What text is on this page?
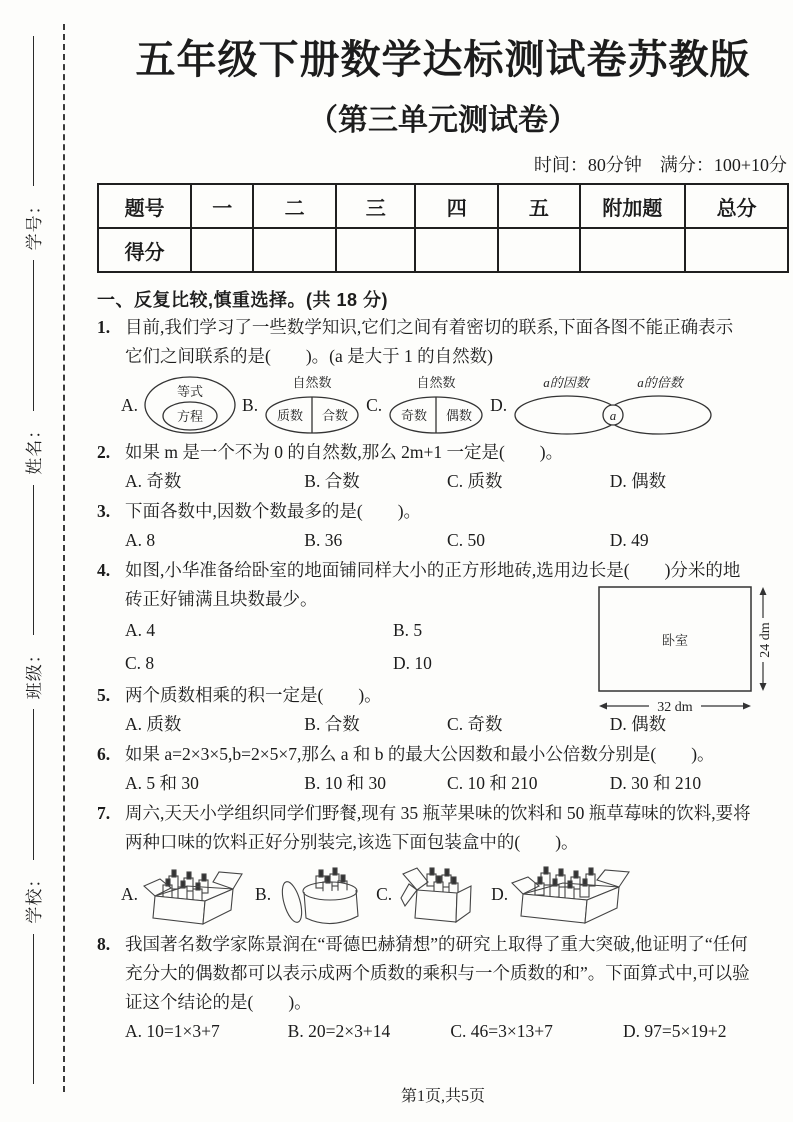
学校：
班级：
姓名：
学号：
五年级下册数学达标测试卷苏教版
（第三单元测试卷）
时间：80分钟　满分：100+10分
题号	一	二	三	四	五	附加题	总分
得分							
一、反复比较,慎重选择。(共 18 分)
1. 目前,我们学习了一些数学知识,它们之间有着密切的联系,下面各图不能正确表示
它们之间联系的是(　　)。(a 是大于 1 的自然数)
A.
等式
方程
B.
自然数
质数 合数
C.
自然数
奇数 偶数
D.
a的因数	a的倍数
a
2. 如果 m 是一个不为 0 的自然数,那么 2m+1 一定是(　　)。
A. 奇数	B. 合数	C. 质数	D. 偶数
3. 下面各数中,因数个数最多的是(　　)。
A. 8	B. 36	C. 50	D. 49
卧室	24 dm
32 dm
4. 如图,小华准备给卧室的地面铺同样大小的正方形地砖,选用边长是(　　)分米的地
砖正好铺满且块数最少。
A. 4	B. 5
C. 8	D. 10
5. 两个质数相乘的积一定是(　　)。
A. 质数	B. 合数	C. 奇数	D. 偶数
6. 如果 a=2×3×5,b=2×5×7,那么 a 和 b 的最大公因数和最小公倍数分别是(　　)。
A. 5 和 30	B. 10 和 30	C. 10 和 210	D. 30 和 210
7. 周六,天天小学组织同学们野餐,现有 35 瓶苹果味的饮料和 50 瓶草莓味的饮料,要将
两种口味的饮料正好分别装完,该选下面包装盒中的(　　)。
A.	B.	C.	D.
8. 我国著名数学家陈景润在“哥德巴赫猜想”的研究上取得了重大突破,他证明了“任何
充分大的偶数都可以表示成两个质数的乘积与一个质数的和”。下面算式中,可以验
证这个结论的是(　　)。
A. 10=1×3+7	B. 20=2×3+14	C. 46=3×13+7	D. 97=5×19+2
第1页,共5页
